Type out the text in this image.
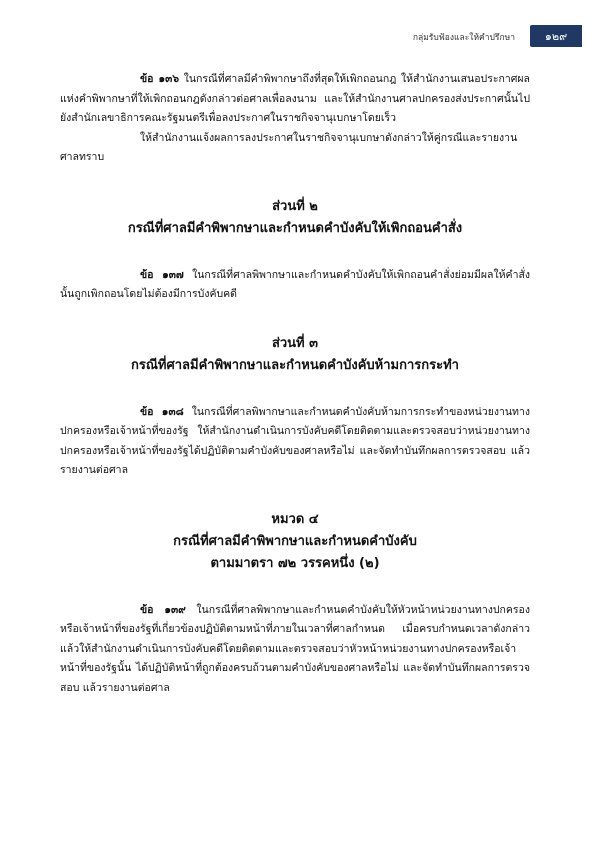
กลุ่มรับฟ้องและให้คำปรึกษา	๑๒๙

ข้อ ๑๓๖ ในกรณีที่ศาลมีคำพิพากษาถึงที่สุดให้เพิกถอนกฎ ให้สำนักงานเสนอประกาศผลแห่งคำพิพากษาที่ให้เพิกถอนกฎดังกล่าวต่อศาลเพื่อลงนาม และให้สำนักงานศาลปกครองส่งประกาศนั้นไปยังสำนักเลขาธิการคณะรัฐมนตรีเพื่อลงประกาศในราชกิจจานุเบกษาโดยเร็ว

ให้สำนักงานแจ้งผลการลงประกาศในราชกิจจานุเบกษาดังกล่าวให้คู่กรณีและรายงานศาลทราบ

ส่วนที่ ๒

กรณีที่ศาลมีคำพิพากษาและกำหนดคำบังคับให้เพิกถอนคำสั่ง

ข้อ ๑๓๗ ในกรณีที่ศาลพิพากษาและกำหนดคำบังคับให้เพิกถอนคำสั่งย่อมมีผลให้คำสั่งนั้นถูกเพิกถอนโดยไม่ต้องมีการบังคับคดี

ส่วนที่ ๓

กรณีที่ศาลมีคำพิพากษาและกำหนดคำบังคับห้ามการกระทำ

ข้อ ๑๓๘ ในกรณีที่ศาลพิพากษาและกำหนดคำบังคับห้ามการกระทำของหน่วยงานทางปกครองหรือเจ้าหน้าที่ของรัฐ ให้สำนักงานดำเนินการบังคับคดีโดยติดตามและตรวจสอบว่าหน่วยงานทางปกครองหรือเจ้าหน้าที่ของรัฐได้ปฏิบัติตามคำบังคับของศาลหรือไม่ และจัดทำบันทึกผลการตรวจสอบ แล้วรายงานต่อศาล

หมวด ๔

กรณีที่ศาลมีคำพิพากษาและกำหนดคำบังคับ

ตามมาตรา ๗๒ วรรคหนึ่ง (๒)

ข้อ ๑๓๙ ในกรณีที่ศาลพิพากษาและกำหนดคำบังคับให้หัวหน้าหน่วยงานทางปกครองหรือเจ้าหน้าที่ของรัฐที่เกี่ยวข้องปฏิบัติตามหน้าที่ภายในเวลาที่ศาลกำหนด เมื่อครบกำหนดเวลาดังกล่าวแล้วให้สำนักงานดำเนินการบังคับคดีโดยติดตามและตรวจสอบว่าหัวหน้าหน่วยงานทางปกครองหรือเจ้าหน้าที่ของรัฐนั้น ได้ปฏิบัติหน้าที่ถูกต้องครบถ้วนตามคำบังคับของศาลหรือไม่ และจัดทำบันทึกผลการตรวจสอบ แล้วรายงานต่อศาล
